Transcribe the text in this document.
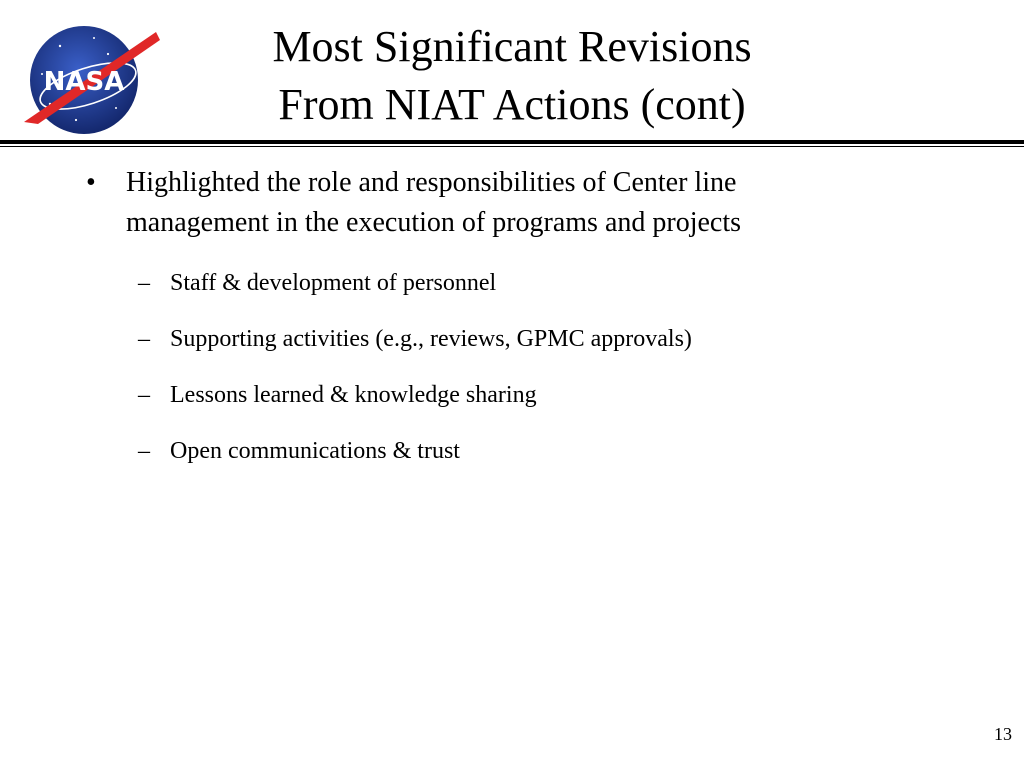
NASA
Most Significant Revisions
From NIAT Actions (cont)
• Highlighted the role and responsibilities of Center line management in the execution of programs and projects
– Staff & development of personnel
– Supporting activities (e.g., reviews, GPMC approvals)
– Lessons learned & knowledge sharing
– Open communications & trust
13
